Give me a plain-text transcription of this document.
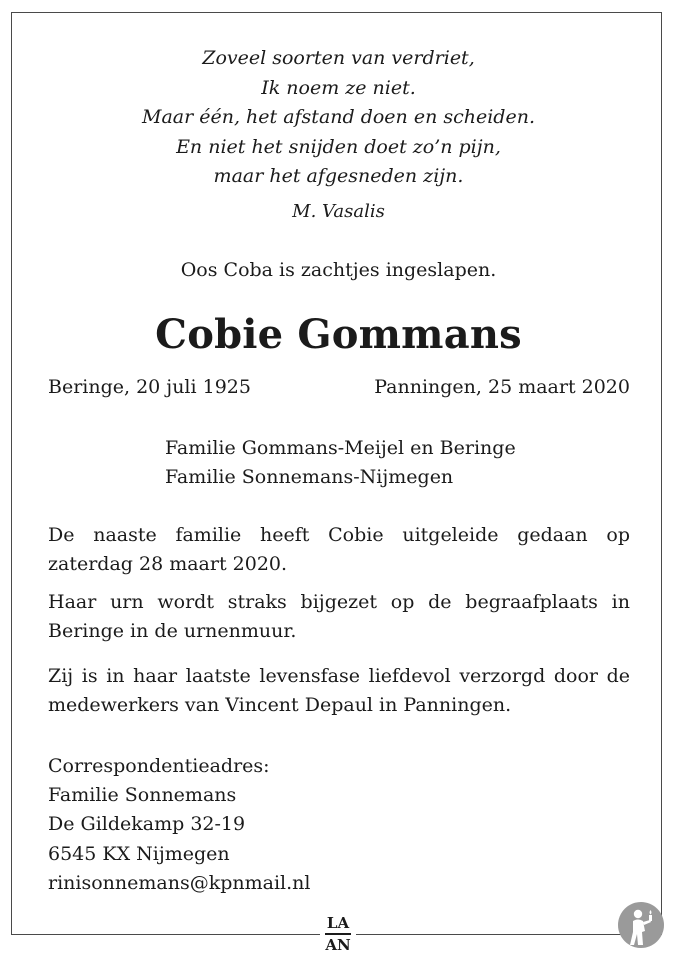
Zoveel soorten van verdriet,
Ik noem ze niet.
Maar één, het afstand doen en scheiden.
En niet het snijden doet zo’n pijn,
maar het afgesneden zijn.
M. Vasalis
Oos Coba is zachtjes ingeslapen.
Cobie Gommans
Beringe, 20 juli 1925	Panningen, 25 maart 2020
Familie Gommans-Meijel en Beringe
Familie Sonnemans-Nijmegen
De naaste familie heeft Cobie uitgeleide gedaan op zaterdag 28 maart 2020.
Haar urn wordt straks bijgezet op de begraafplaats in Beringe in de urnenmuur.
Zij is in haar laatste levensfase liefdevol verzorgd door de medewerkers van Vincent Depaul in Panningen.
Correspondentieadres:
Familie Sonnemans
De Gildekamp 32-19
6545 KX Nijmegen
rinisonnemans@kpnmail.nl
LA
AN
